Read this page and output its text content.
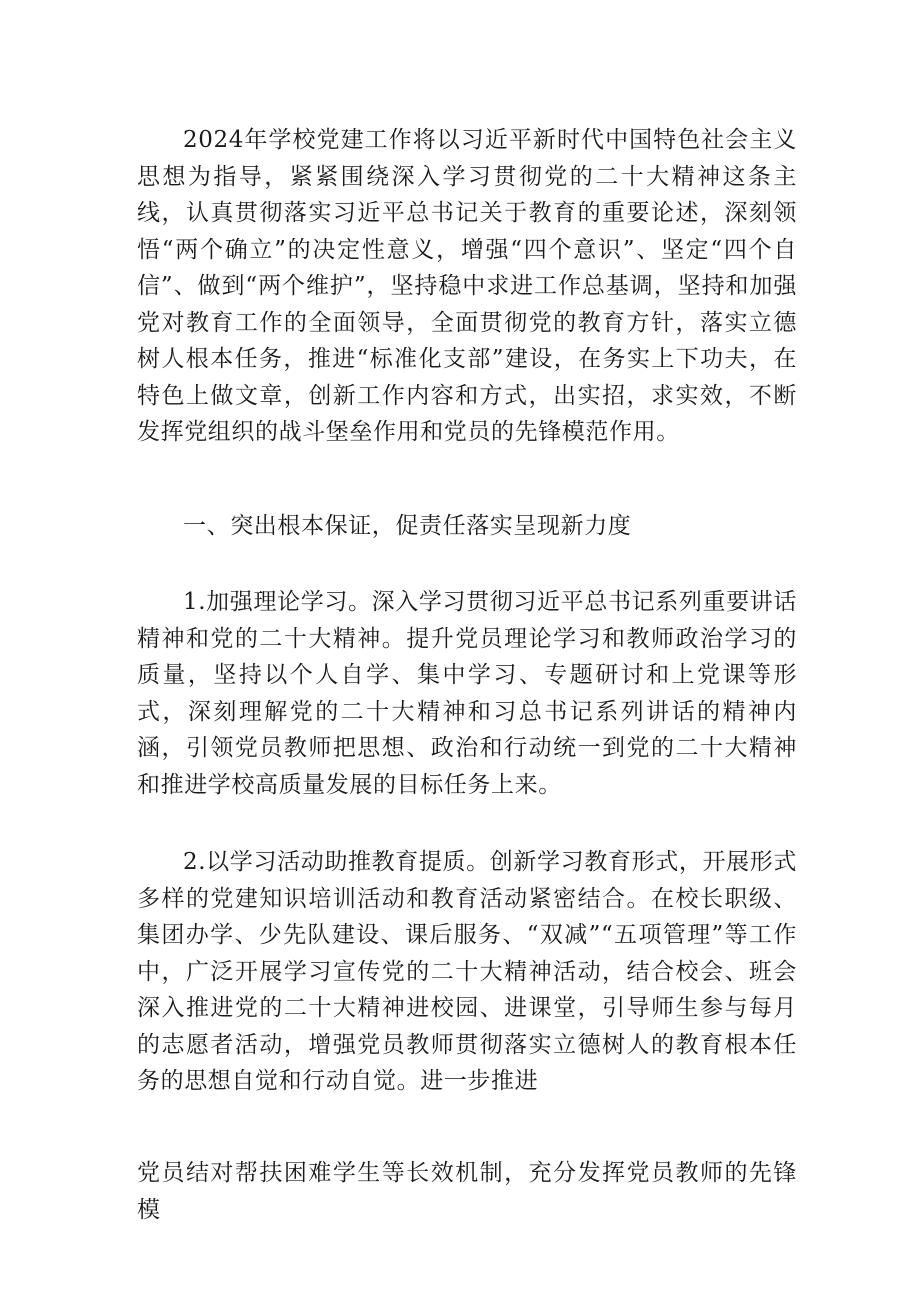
2024年学校党建工作将以习近平新时代中国特色社会主义思想为指导，紧紧围绕深入学习贯彻党的二十大精神这条主线，认真贯彻落实习近平总书记关于教育的重要论述，深刻领悟“两个确立”的决定性意义，增强“四个意识”、坚定“四个自信”、做到“两个维护”，坚持稳中求进工作总基调，坚持和加强党对教育工作的全面领导，全面贯彻党的教育方针，落实立德树人根本任务，推进“标准化支部”建设，在务实上下功夫，在特色上做文章，创新工作内容和方式，出实招，求实效，不断发挥党组织的战斗堡垒作用和党员的先锋模范作用。

一、突出根本保证，促责任落实呈现新力度

1.加强理论学习。深入学习贯彻习近平总书记系列重要讲话精神和党的二十大精神。提升党员理论学习和教师政治学习的质量，坚持以个人自学、集中学习、专题研讨和上党课等形式，深刻理解党的二十大精神和习总书记系列讲话的精神内涵，引领党员教师把思想、政治和行动统一到党的二十大精神和推进学校高质量发展的目标任务上来。

2.以学习活动助推教育提质。创新学习教育形式，开展形式多样的党建知识培训活动和教育活动紧密结合。在校长职级、集团办学、少先队建设、课后服务、“双减”“五项管理”等工作中，广泛开展学习宣传党的二十大精神活动，结合校会、班会深入推进党的二十大精神进校园、进课堂，引导师生参与每月的志愿者活动，增强党员教师贯彻落实立德树人的教育根本任务的思想自觉和行动自觉。进一步推进

党员结对帮扶困难学生等长效机制，充分发挥党员教师的先锋模
